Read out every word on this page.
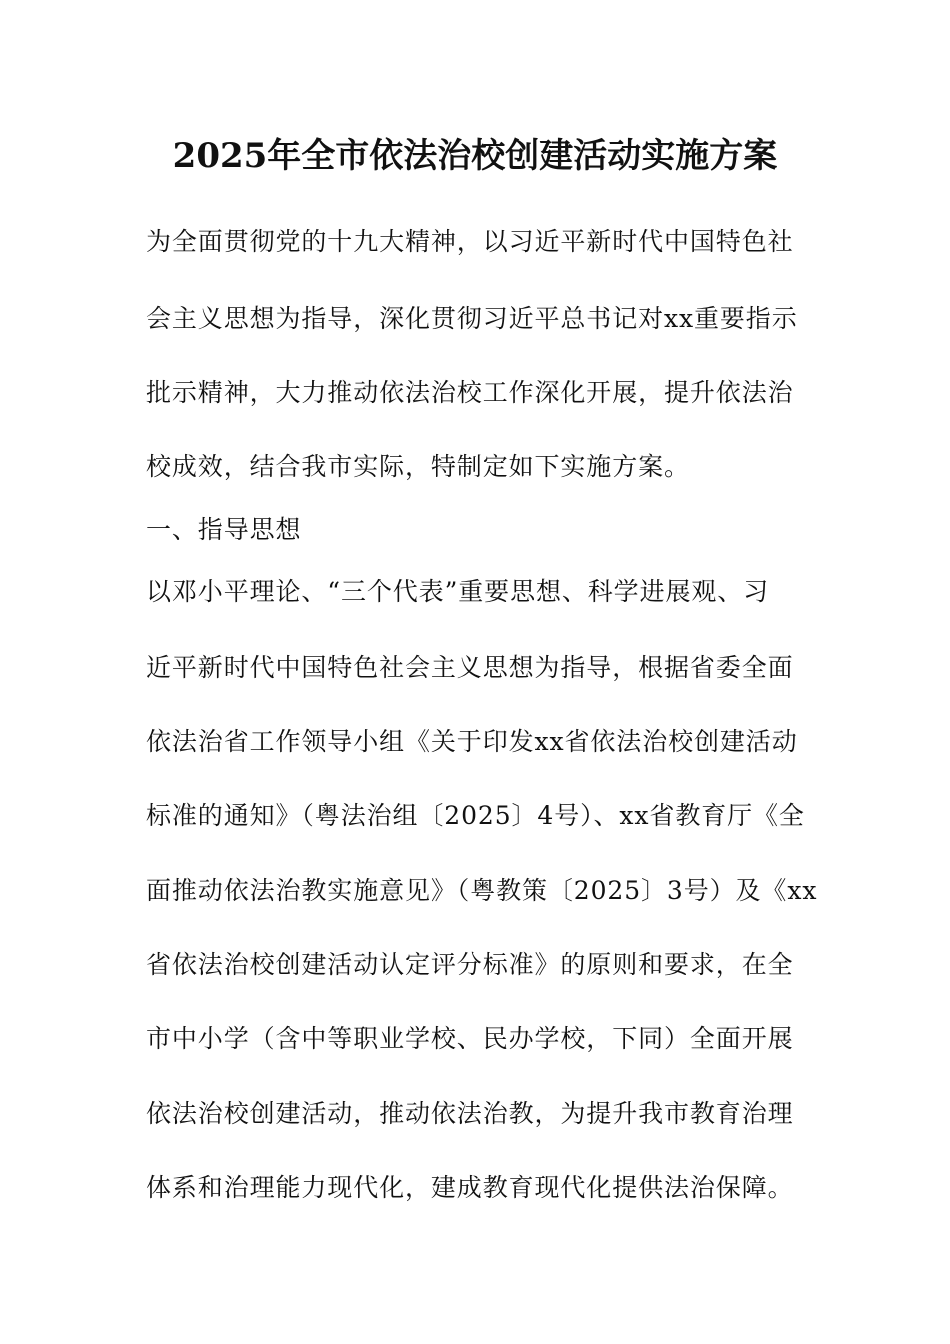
2025年全市依法治校创建活动实施方案
为全面贯彻党的十九大精神，以习近平新时代中国特色社
会主义思想为指导，深化贯彻习近平总书记对xx重要指示
批示精神，大力推动依法治校工作深化开展，提升依法治
校成效，结合我市实际，特制定如下实施方案。
一、指导思想
以邓小平理论、“三个代表”重要思想、科学进展观、习
近平新时代中国特色社会主义思想为指导，根据省委全面
依法治省工作领导小组《关于印发xx省依法治校创建活动
标准的通知》（粤法治组〔2025〕4号）、xx省教育厅《全
面推动依法治教实施意见》（粤教策〔2025〕3号）及《xx
省依法治校创建活动认定评分标准》的原则和要求，在全
市中小学（含中等职业学校、民办学校，下同）全面开展
依法治校创建活动，推动依法治教，为提升我市教育治理
体系和治理能力现代化，建成教育现代化提供法治保障。
